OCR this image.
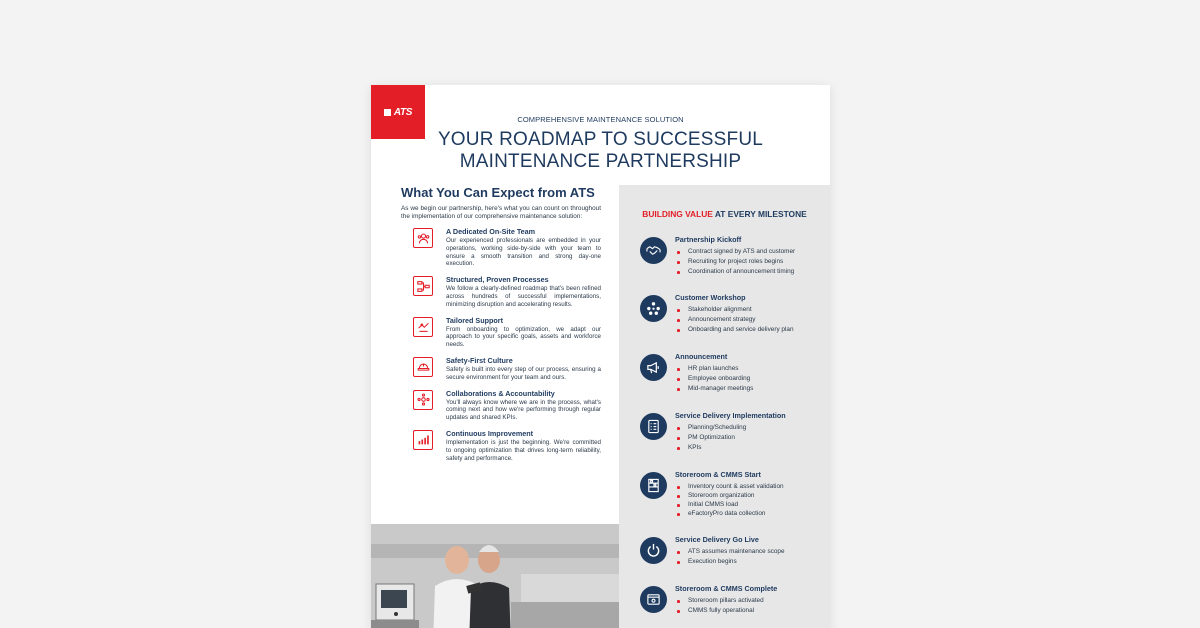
ATS
COMPREHENSIVE MAINTENANCE SOLUTION
YOUR ROADMAP TO SUCCESSFUL
MAINTENANCE PARTNERSHIP
What You Can Expect from ATS

As we begin our partnership, here's what you can count on throughout the implementation of our comprehensive maintenance solution:

A Dedicated On-Site Team
Our experienced professionals are embedded in your operations, working side-by-side with your team to ensure a smooth transition and strong day-one execution.
Structured, Proven Processes
We follow a clearly-defined roadmap that's been refined across hundreds of successful implementations, minimizing disruption and accelerating results.
Tailored Support
From onboarding to optimization, we adapt our approach to your specific goals, assets and workforce needs.
Safety-First Culture
Safety is built into every step of our process, ensuring a secure environment for your team and ours.
Collaborations & Accountability
You'll always know where we are in the process, what's coming next and how we're performing through regular updates and shared KPIs.
Continuous Improvement
Implementation is just the beginning. We're committed to ongoing optimization that drives long-term reliability, safety and performance.
BUILDING VALUE AT EVERY MILESTONE
Partnership Kickoff
Contract signed by ATS and customer
Recruiting for project roles begins
Coordination of announcement timing
Customer Workshop
Stakeholder alignment
Announcement strategy
Onboarding and service delivery plan
Announcement
HR plan launches
Employee onboarding
Mid-manager meetings
Service Delivery Implementation
Planning/Scheduling
PM Optimization
KPIs
Storeroom & CMMS Start
Inventory count & asset validation
Storeroom organization
Initial CMMS load
eFactoryPro data collection
Service Delivery Go Live
ATS assumes maintenance scope
Execution begins
Storeroom & CMMS Complete
Storeroom pillars activated
CMMS fully operational
